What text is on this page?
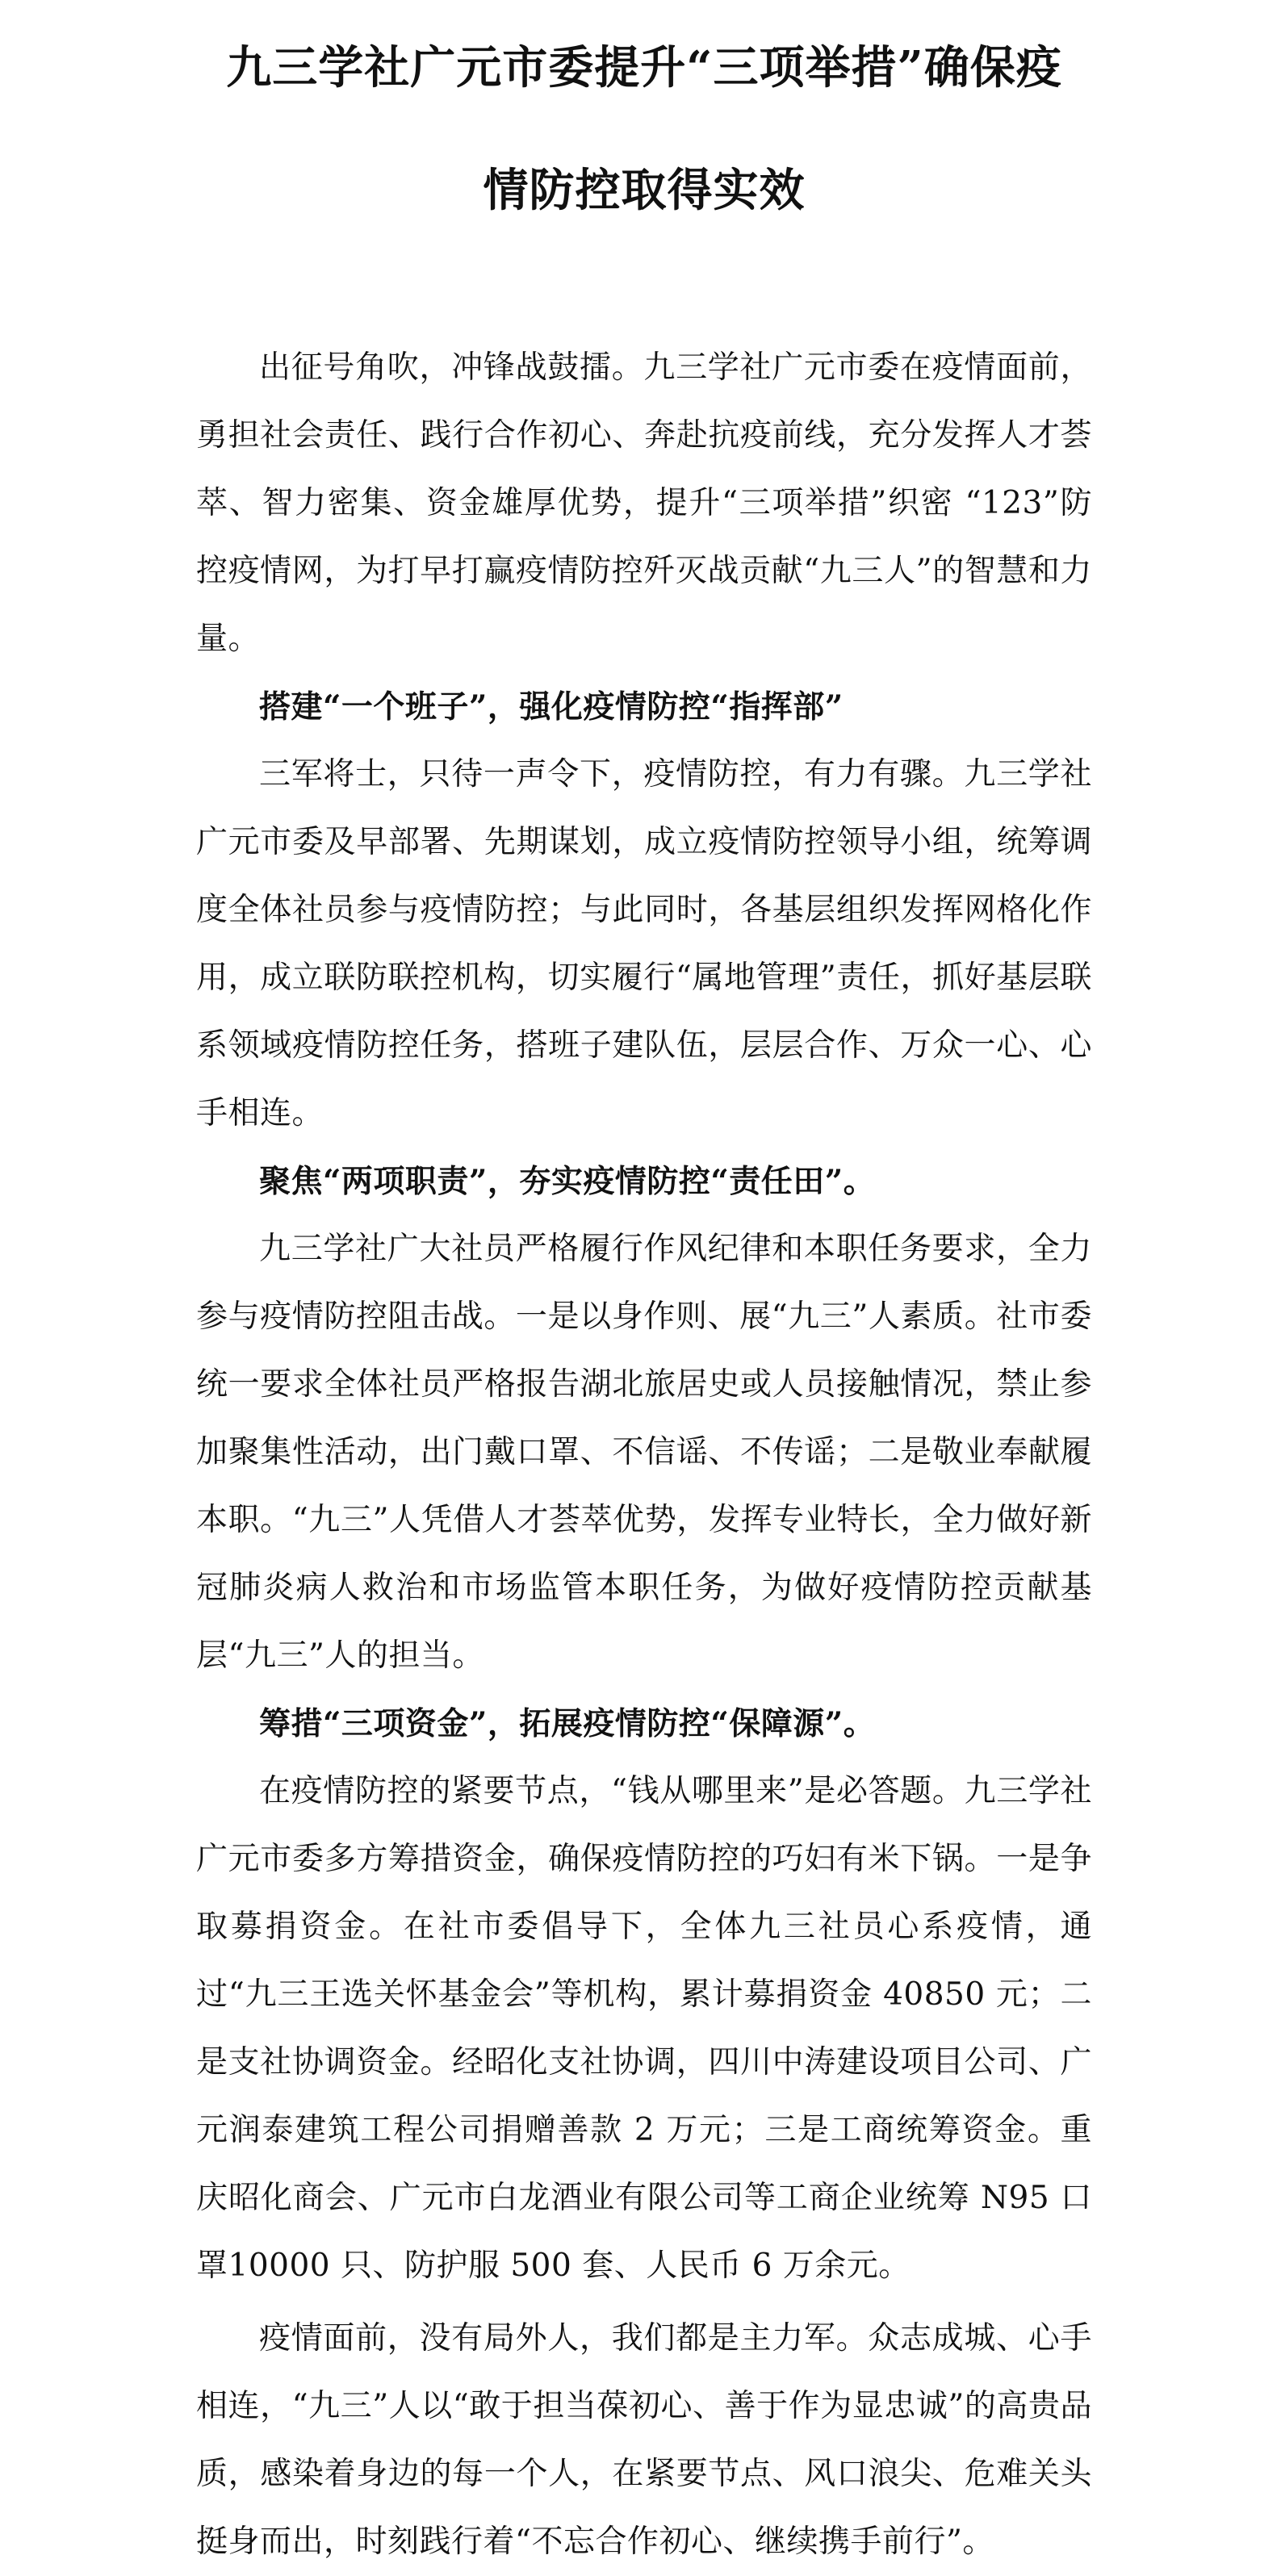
九三学社广元市委提升“三项举措”确保疫
情防控取得实效

出征号角吹，冲锋战鼓擂。九三学社广元市委在疫情面前，勇担社会责任、践行合作初心、奔赴抗疫前线，充分发挥人才荟萃、智力密集、资金雄厚优势，提升“三项举措”织密 “123”防控疫情网，为打早打赢疫情防控歼灭战贡献“九三人”的智慧和力量。

搭建“一个班子”，强化疫情防控“指挥部”

三军将士，只待一声令下，疫情防控，有力有骤。九三学社广元市委及早部署、先期谋划，成立疫情防控领导小组，统筹调度全体社员参与疫情防控；与此同时，各基层组织发挥网格化作用，成立联防联控机构，切实履行“属地管理”责任，抓好基层联系领域疫情防控任务，搭班子建队伍，层层合作、万众一心、心手相连。

聚焦“两项职责”，夯实疫情防控“责任田”。

九三学社广大社员严格履行作风纪律和本职任务要求，全力参与疫情防控阻击战。一是以身作则、展“九三”人素质。社市委统一要求全体社员严格报告湖北旅居史或人员接触情况，禁止参加聚集性活动，出门戴口罩、不信谣、不传谣；二是敬业奉献履本职。“九三”人凭借人才荟萃优势，发挥专业特长，全力做好新冠肺炎病人救治和市场监管本职任务，为做好疫情防控贡献基层“九三”人的担当。

筹措“三项资金”，拓展疫情防控“保障源”。

在疫情防控的紧要节点，“钱从哪里来”是必答题。九三学社广元市委多方筹措资金，确保疫情防控的巧妇有米下锅。一是争取募捐资金。在社市委倡导下，全体九三社员心系疫情，通过“九三王选关怀基金会”等机构，累计募捐资金 40850 元；二是支社协调资金。经昭化支社协调，四川中涛建设项目公司、广元润泰建筑工程公司捐赠善款 2 万元；三是工商统筹资金。重庆昭化商会、广元市白龙酒业有限公司等工商企业统筹 N95 口罩10000 只、防护服 500 套、人民币 6 万余元。

疫情面前，没有局外人，我们都是主力军。众志成城、心手相连，“九三”人以“敢于担当葆初心、善于作为显忠诚”的高贵品质，感染着身边的每一个人，在紧要节点、风口浪尖、危难关头挺身而出，时刻践行着“不忘合作初心、继续携手前行”。
